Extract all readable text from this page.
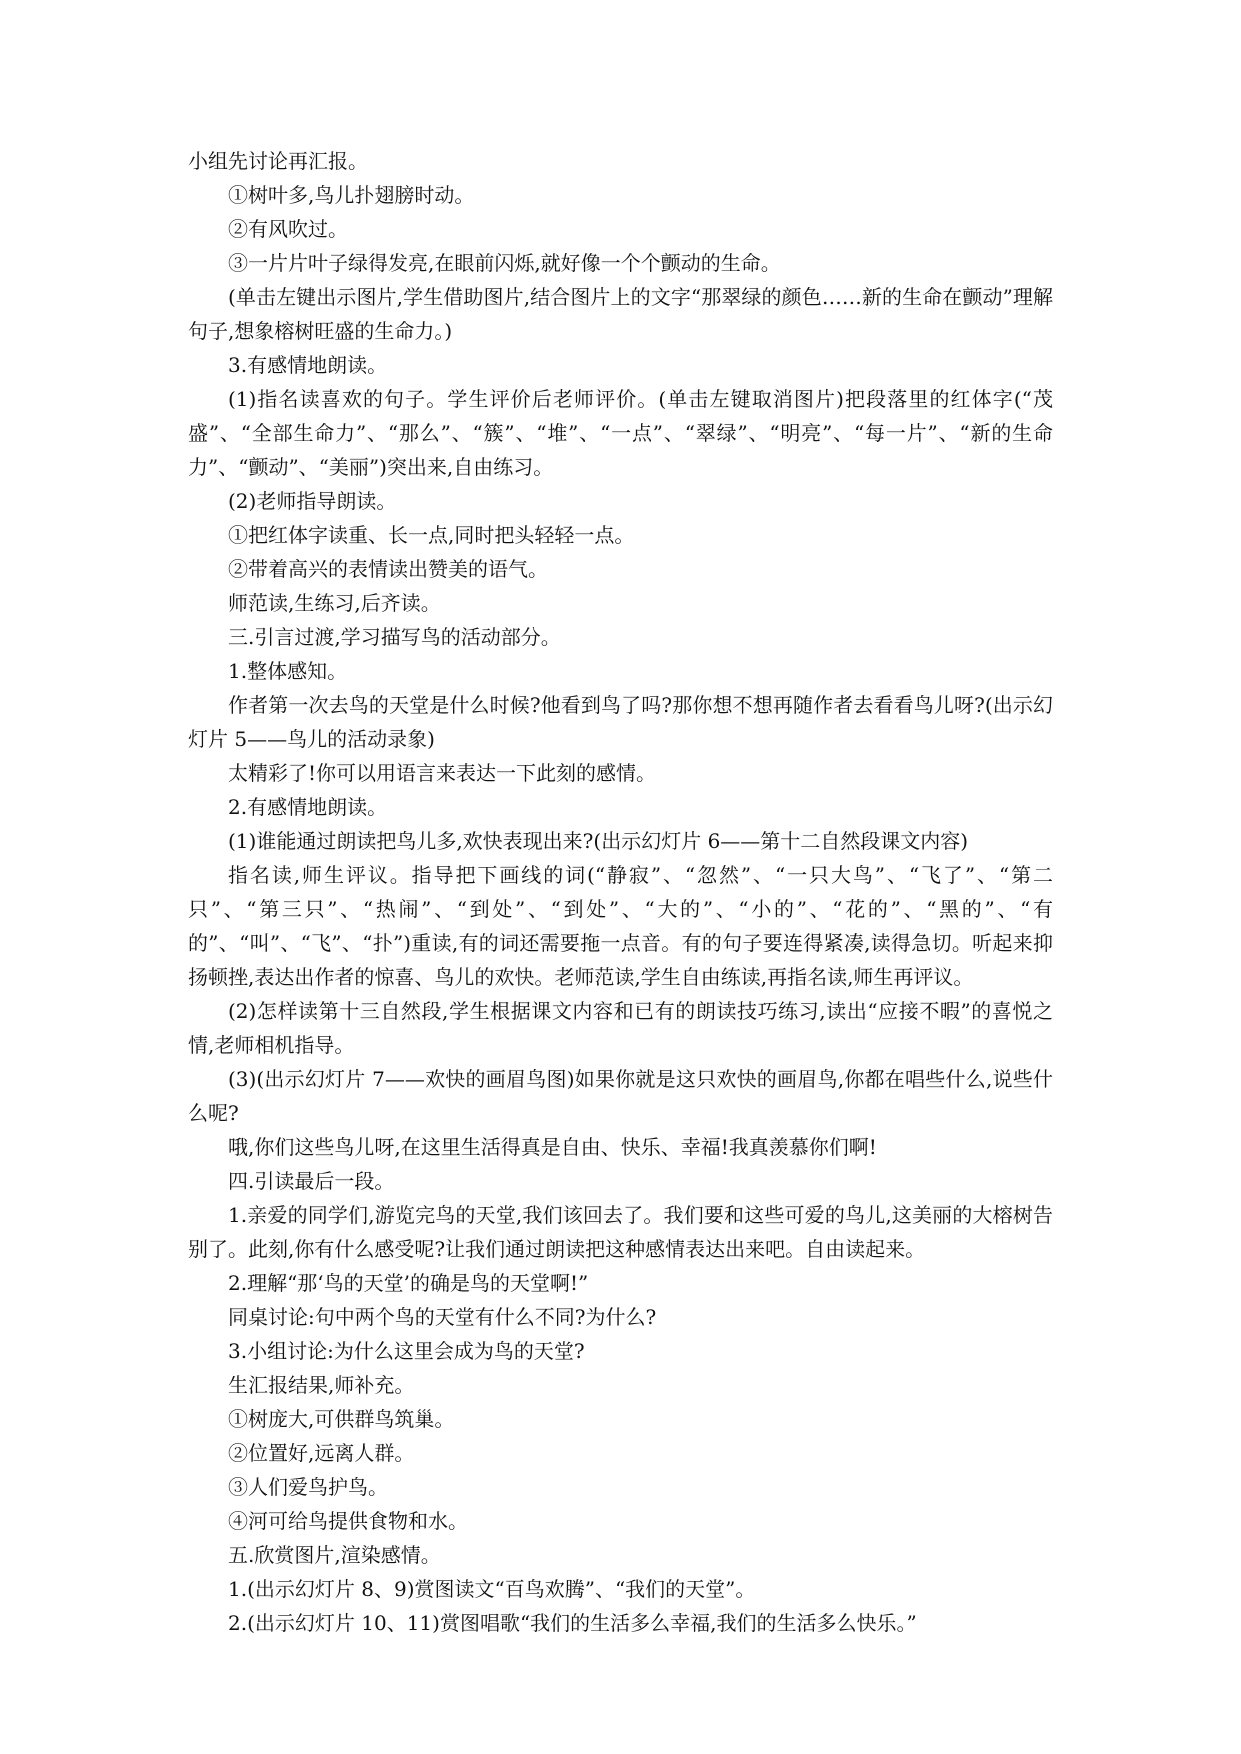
小组先讨论再汇报。

①树叶多,鸟儿扑翅膀时动。

②有风吹过。

③一片片叶子绿得发亮,在眼前闪烁,就好像一个个颤动的生命。

(单击左键出示图片,学生借助图片,结合图片上的文字“那翠绿的颜色……新的生命在颤动”理解句子,想象榕树旺盛的生命力。)

3.有感情地朗读。

(1)指名读喜欢的句子。学生评价后老师评价。(单击左键取消图片)把段落里的红体字(“茂盛”、“全部生命力”、“那么”、“簇”、“堆”、“一点”、“翠绿”、“明亮”、“每一片”、“新的生命力”、“颤动”、“美丽”)突出来,自由练习。

(2)老师指导朗读。

①把红体字读重、长一点,同时把头轻轻一点。

②带着高兴的表情读出赞美的语气。

师范读,生练习,后齐读。

三.引言过渡,学习描写鸟的活动部分。

1.整体感知。

作者第一次去鸟的天堂是什么时候?他看到鸟了吗?那你想不想再随作者去看看鸟儿呀?(出示幻灯片 5——鸟儿的活动录象)

太精彩了!你可以用语言来表达一下此刻的感情。

2.有感情地朗读。

(1)谁能通过朗读把鸟儿多,欢快表现出来?(出示幻灯片 6——第十二自然段课文内容)

指名读,师生评议。指导把下画线的词(“静寂”、“忽然”、“一只大鸟”、“飞了”、“第二只”、“第三只”、“热闹”、“到处”、“到处”、“大的”、“小的”、“花的”、“黑的”、“有的”、“叫”、“飞”、“扑”)重读,有的词还需要拖一点音。有的句子要连得紧凑,读得急切。听起来抑扬顿挫,表达出作者的惊喜、鸟儿的欢快。老师范读,学生自由练读,再指名读,师生再评议。

(2)怎样读第十三自然段,学生根据课文内容和已有的朗读技巧练习,读出“应接不暇”的喜悦之情,老师相机指导。

(3)(出示幻灯片 7——欢快的画眉鸟图)如果你就是这只欢快的画眉鸟,你都在唱些什么,说些什么呢?

哦,你们这些鸟儿呀,在这里生活得真是自由、快乐、幸福!我真羡慕你们啊!

四.引读最后一段。

1.亲爱的同学们,游览完鸟的天堂,我们该回去了。我们要和这些可爱的鸟儿,这美丽的大榕树告别了。此刻,你有什么感受呢?让我们通过朗读把这种感情表达出来吧。自由读起来。

2.理解“那‘鸟的天堂’的确是鸟的天堂啊!”

同桌讨论:句中两个鸟的天堂有什么不同?为什么?

3.小组讨论:为什么这里会成为鸟的天堂?

生汇报结果,师补充。

①树庞大,可供群鸟筑巢。

②位置好,远离人群。

③人们爱鸟护鸟。

④河可给鸟提供食物和水。

五.欣赏图片,渲染感情。

1.(出示幻灯片 8、9)赏图读文“百鸟欢腾”、“我们的天堂”。

2.(出示幻灯片 10、11)赏图唱歌“我们的生活多么幸福,我们的生活多么快乐。”
